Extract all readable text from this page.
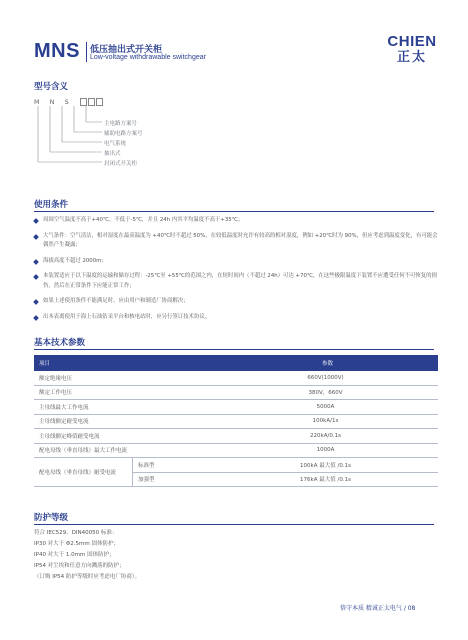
MNS 低压抽出式开关柜
Low-voltage withdrawable switchgear
CHIEN
正太
型号含义
M N S
主电路方案号
辅助电路方案号
电气系统
抽出式
封闭式开关柜
使用条件
周围空气温度不高于+40℃，不低于-5℃，并且 24h 内其平均温度不高于+35℃；
大气条件：空气清洁，相对湿度在最高温度为 +40℃时不超过 50%，在较低温度时允许有较高的相对湿度，例如 +20℃时为 90%，但应考虑到温度变化，有可能会偶然产生凝露；
海拔高度不超过 2000m；
本装置适应于以下温度的运输和储存过程：-25℃至 +55℃的范围之内，在短时间内（不超过 24h）可达 +70℃，在这些极限温度下装置不应遭受任何不可恢复的损伤，然后在正常条件下应能正常工作；
如果上述使用条件不能满足时，应由用户和制造厂协商解决；
出本表离使用于海上石油钻采平台和核电站时，应另行签订技术协议。
基本技术参数
项目		参数
额定绝缘电压		660V(1000V)
额定工作电压		380V，660V
主母线最大工作电流		5000A
主母线额定耐受电流		100kA/1s
主母线额定峰值耐受电流		220kA/0.1s
配电母线（垂直母线）最大工作电流		1000A
配电母线（垂直母线）耐受电流	标准型	100kA 最大值 /0.1s
	加强型	176kA 最大值 /0.1s
防护等级
符合 IEC529、DIN40050 标准：
IP30 对大于 Φ2.5mm 固体防护；
IP40 对大于 1.0mm 固体防护；
IP54 对尘埃和任意方向溅落的防护；
（订购 IP54 防护等级时应考虑电厂协商）。
恪守本质 精诚正太电气 / 08
